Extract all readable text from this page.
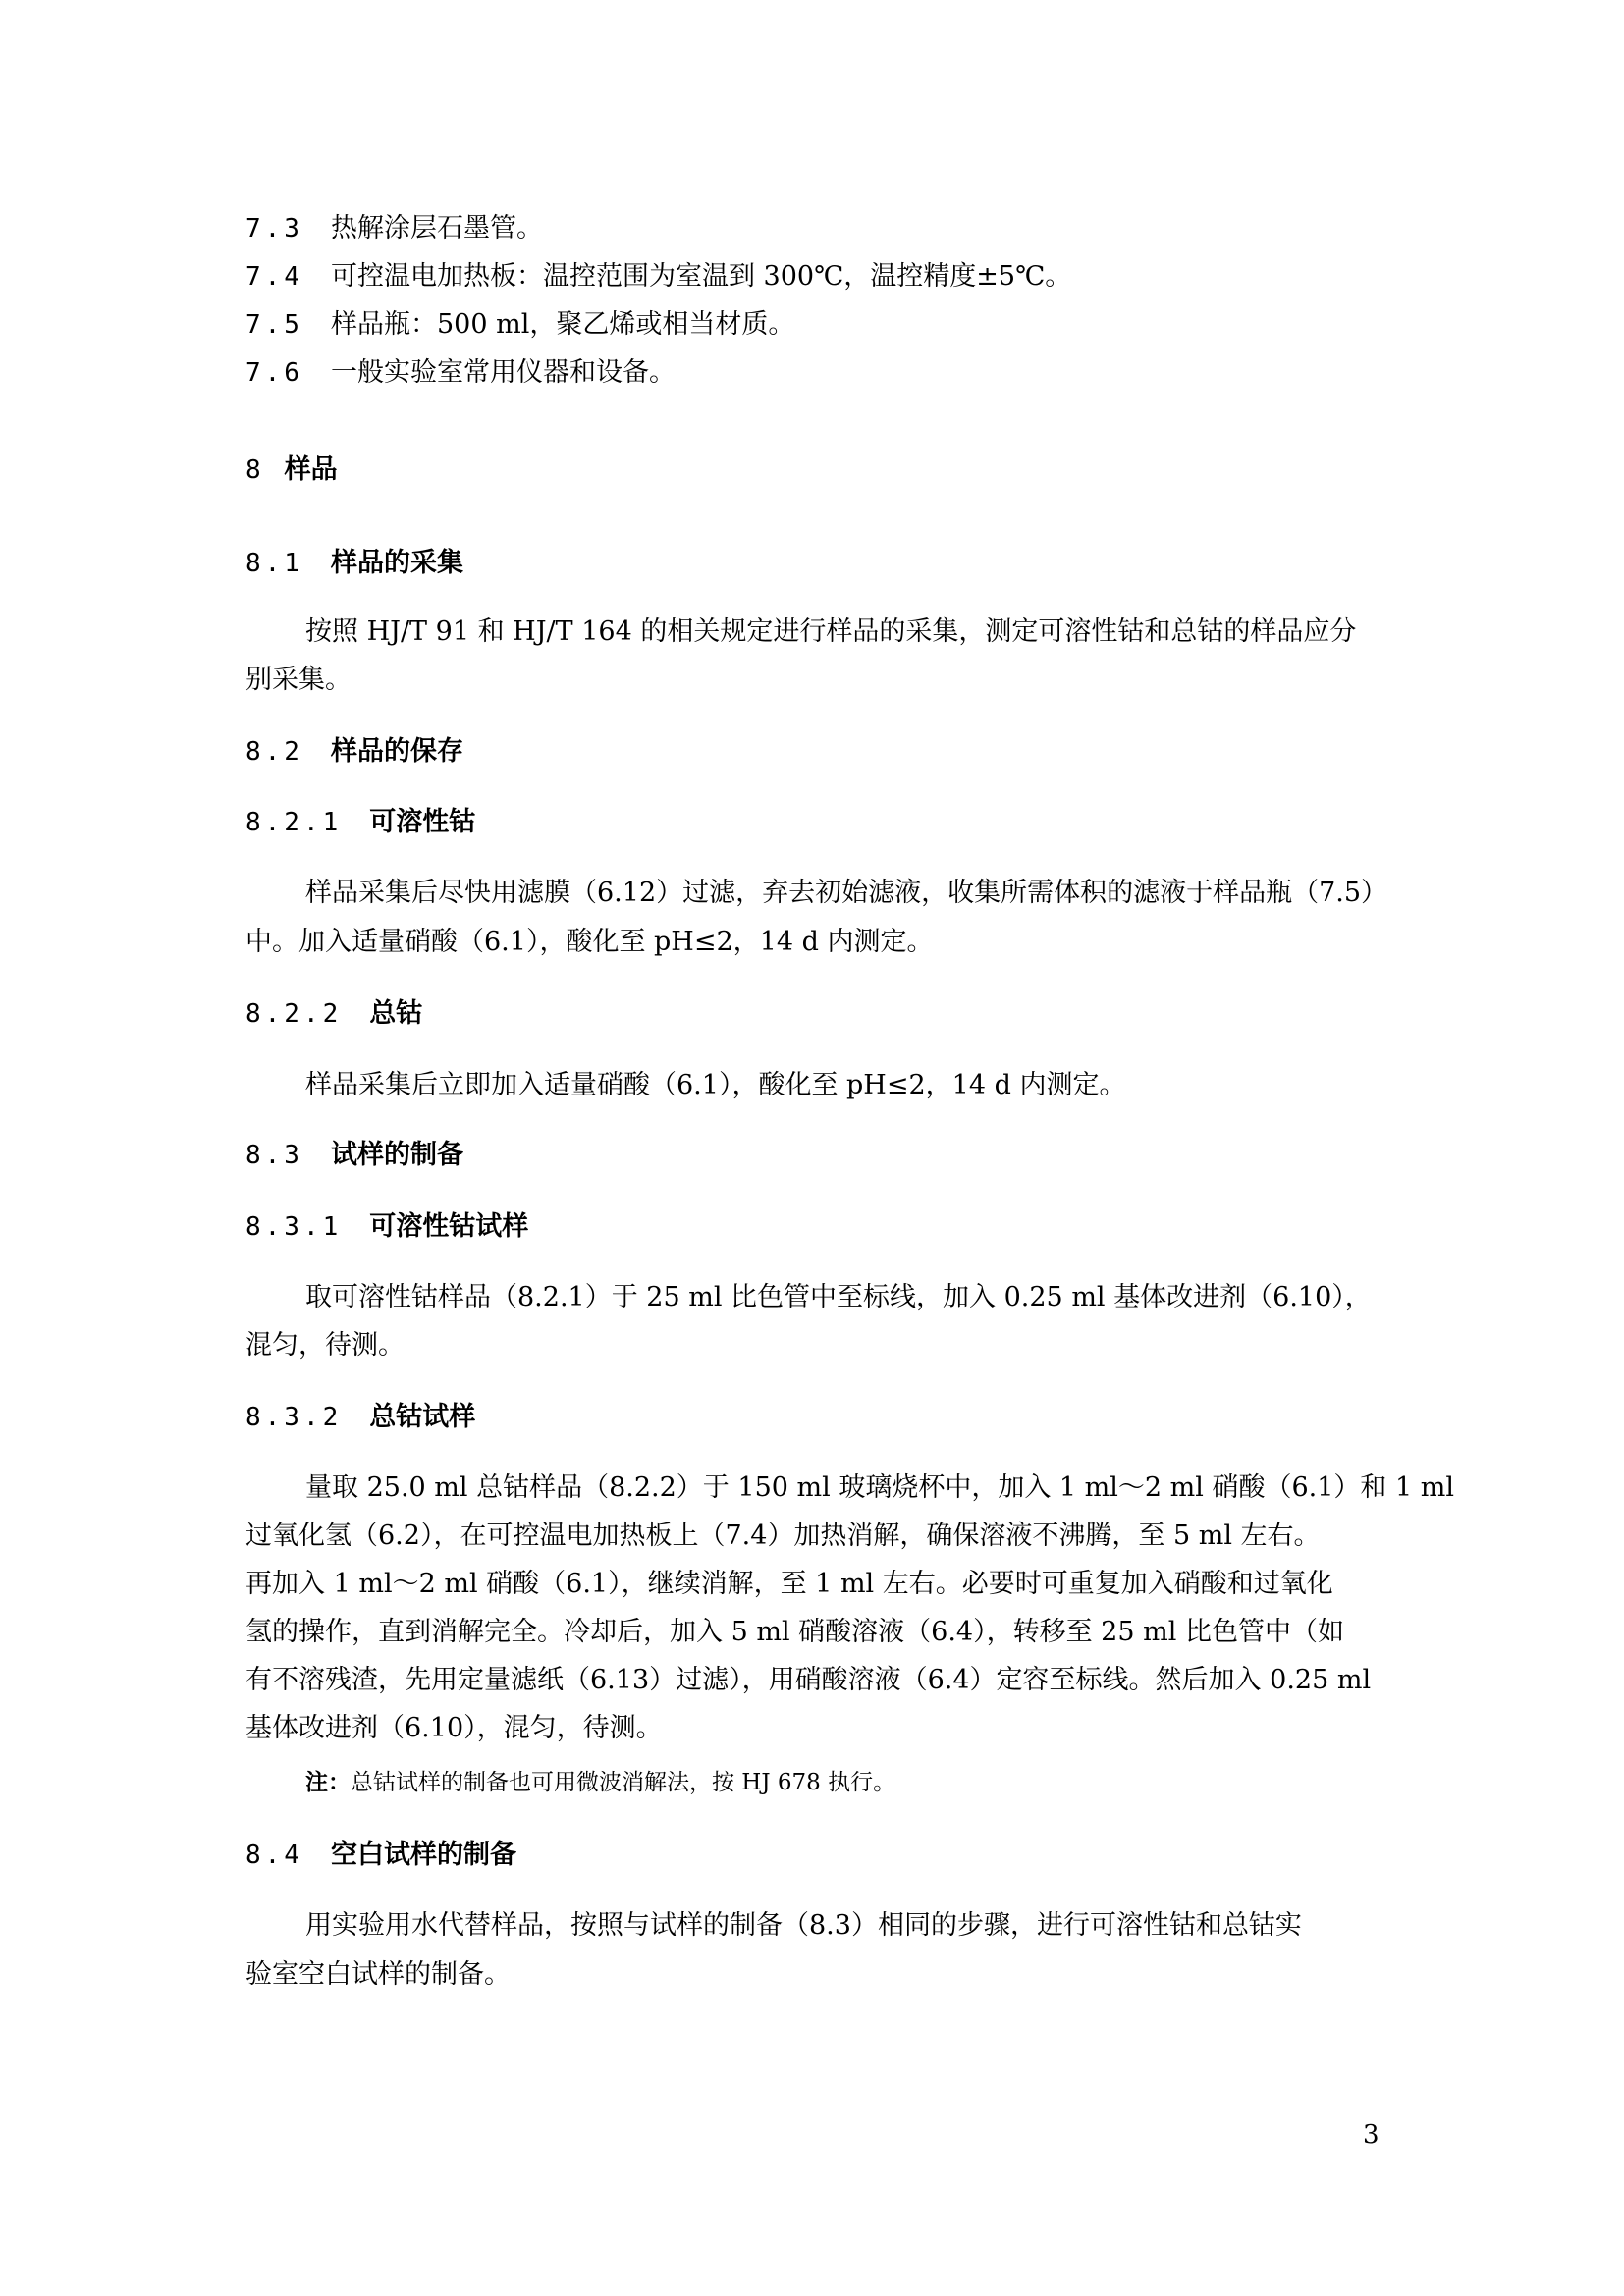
7.3 热解涂层石墨管。
7.4 可控温电加热板：温控范围为室温到 300℃，温控精度±5℃。
7.5 样品瓶：500 ml，聚乙烯或相当材质。
7.6 一般实验室常用仪器和设备。
8 样品
8.1 样品的采集
按照 HJ/T 91 和 HJ/T 164 的相关规定进行样品的采集，测定可溶性钴和总钴的样品应分
别采集。
8.2 样品的保存
8.2.1 可溶性钴
样品采集后尽快用滤膜（6.12）过滤，弃去初始滤液，收集所需体积的滤液于样品瓶（7.5）
中。加入适量硝酸（6.1），酸化至 pH≤2，14 d 内测定。
8.2.2 总钴
样品采集后立即加入适量硝酸（6.1），酸化至 pH≤2，14 d 内测定。
8.3 试样的制备
8.3.1 可溶性钴试样
取可溶性钴样品（8.2.1）于 25 ml 比色管中至标线，加入 0.25 ml 基体改进剂（6.10），
混匀，待测。
8.3.2 总钴试样
量取 25.0 ml 总钴样品（8.2.2）于 150 ml 玻璃烧杯中，加入 1 ml～2 ml 硝酸（6.1）和 1 ml
过氧化氢（6.2），在可控温电加热板上（7.4）加热消解，确保溶液不沸腾，至 5 ml 左右。
再加入 1 ml～2 ml 硝酸（6.1），继续消解，至 1 ml 左右。必要时可重复加入硝酸和过氧化
氢的操作，直到消解完全。冷却后，加入 5 ml 硝酸溶液（6.4），转移至 25 ml 比色管中（如
有不溶残渣，先用定量滤纸（6.13）过滤），用硝酸溶液（6.4）定容至标线。然后加入 0.25 ml
基体改进剂（6.10），混匀，待测。
注：总钴试样的制备也可用微波消解法，按 HJ 678 执行。
8.4 空白试样的制备
用实验用水代替样品，按照与试样的制备（8.3）相同的步骤，进行可溶性钴和总钴实
验室空白试样的制备。
3
